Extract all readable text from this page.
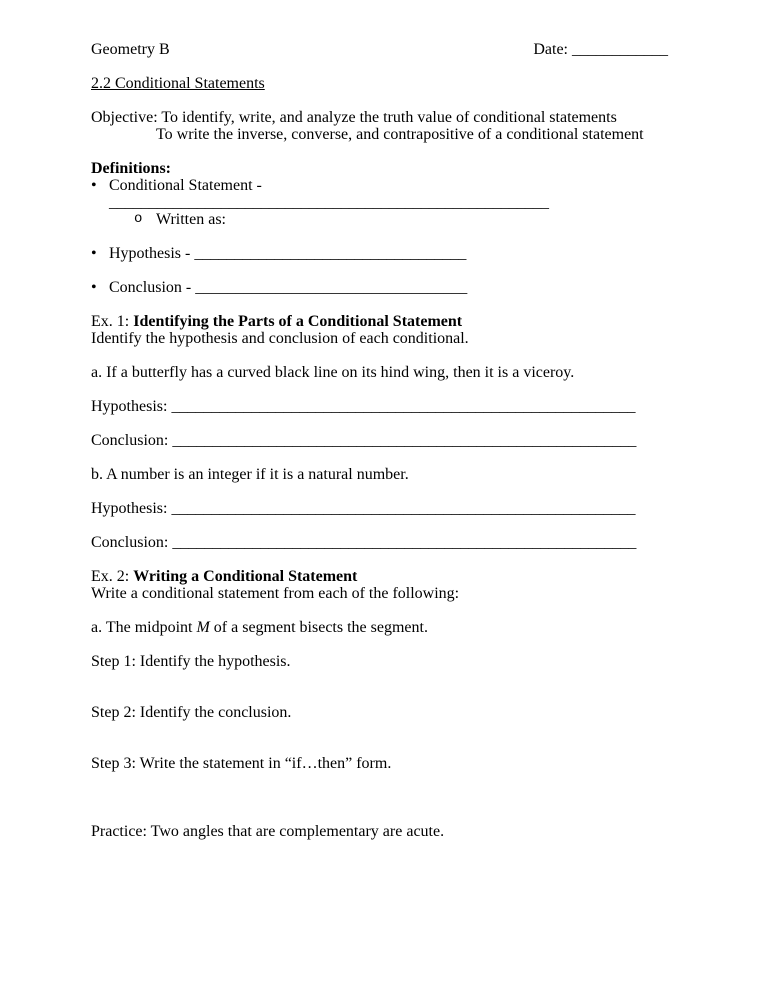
Geometry B	Date: ____________

2.2 Conditional Statements

Objective: To identify, write, and analyze the truth value of conditional statements

To write the inverse, converse, and contrapositive of a conditional statement

Definitions:

• Conditional Statement - _______________________________________________________
o Written as:
• Hypothesis - __________________________________
• Conclusion - __________________________________

Ex. 1: Identifying the Parts of a Conditional Statement

Identify the hypothesis and conclusion of each conditional.

a. If a butterfly has a curved black line on its hind wing, then it is a viceroy.

Hypothesis: __________________________________________________________

Conclusion: __________________________________________________________

b. A number is an integer if it is a natural number.

Hypothesis: __________________________________________________________

Conclusion: __________________________________________________________

Ex. 2: Writing a Conditional Statement

Write a conditional statement from each of the following:

a. The midpoint M of a segment bisects the segment.

Step 1: Identify the hypothesis.

Step 2: Identify the conclusion.

Step 3: Write the statement in “if…then” form.

Practice: Two angles that are complementary are acute.
